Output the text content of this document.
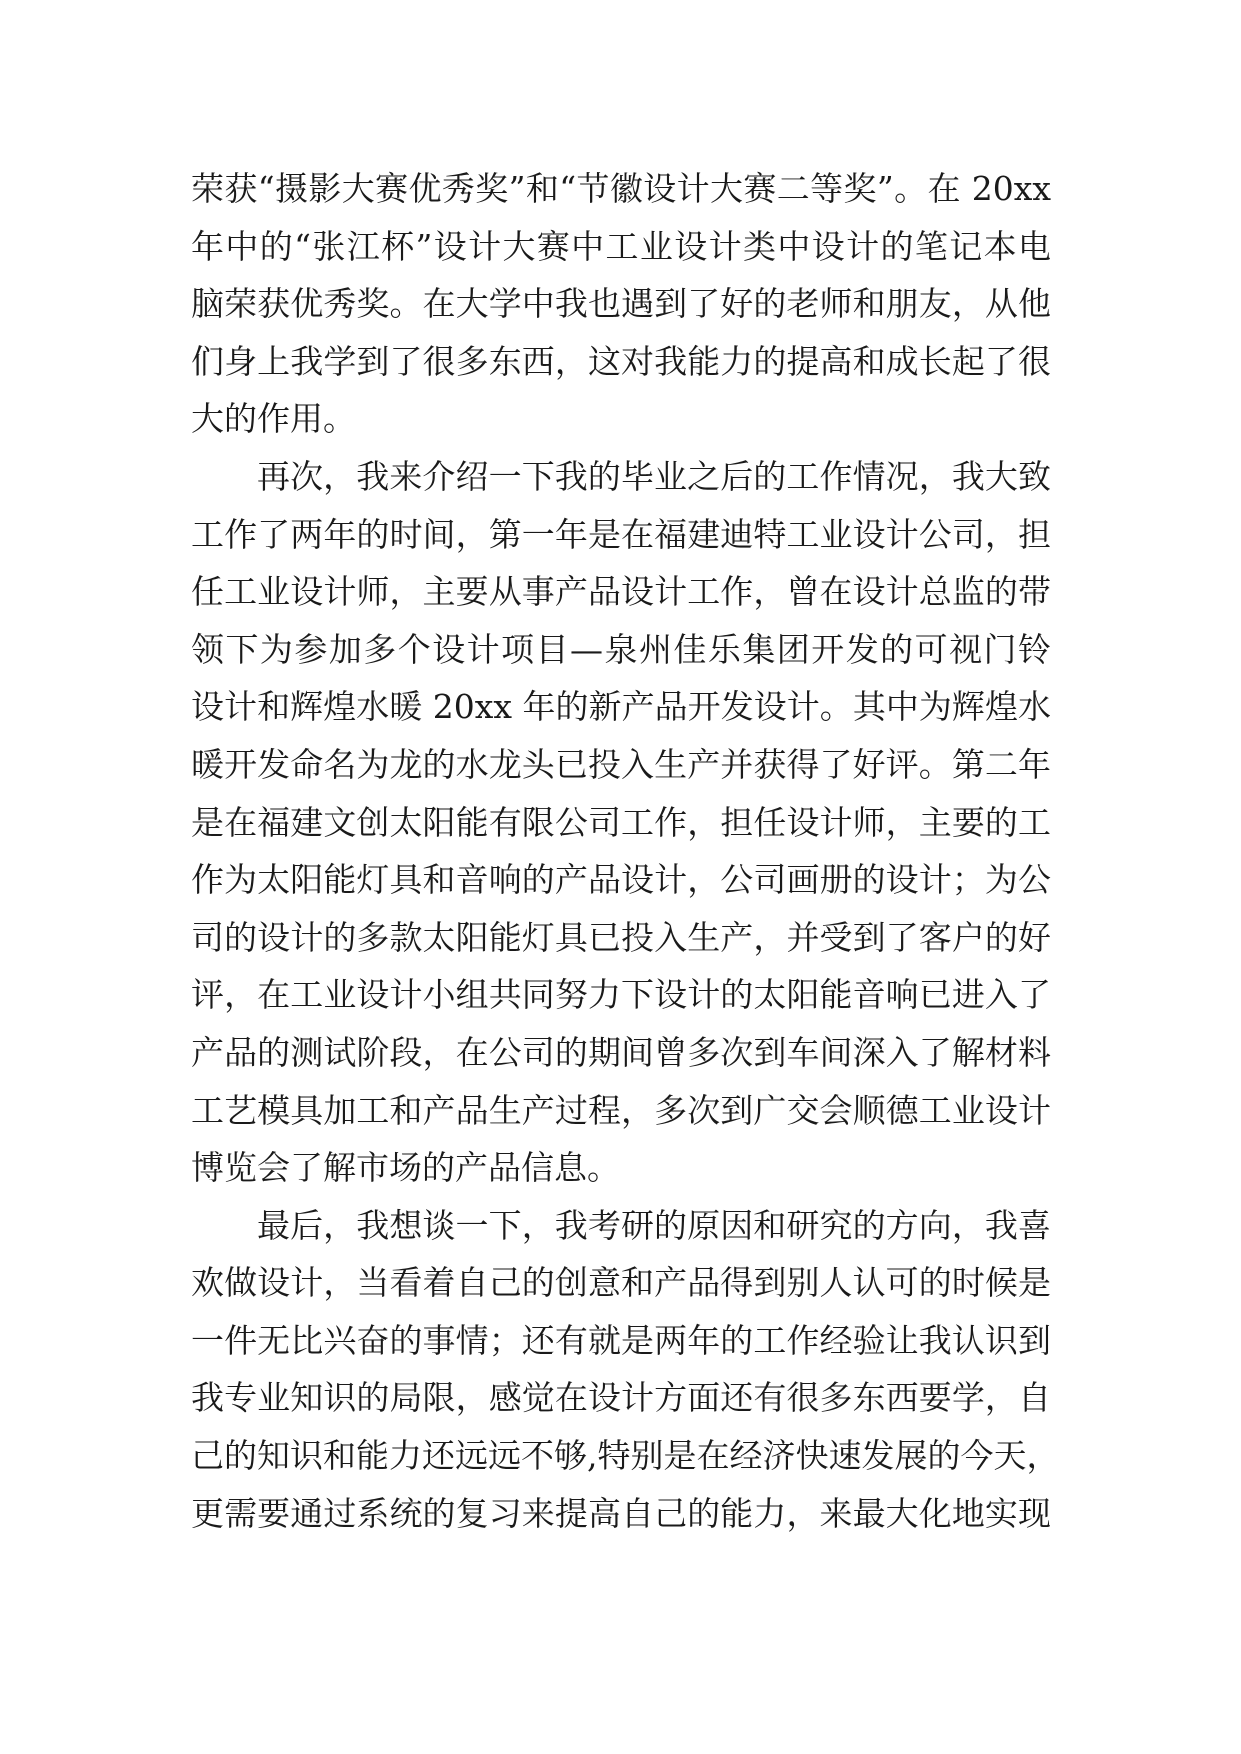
荣获“摄影大赛优秀奖”和“节徽设计大赛二等奖”。在 20xx
年中的“张江杯”设计大赛中工业设计类中设计的笔记本电
脑荣获优秀奖。在大学中我也遇到了好的老师和朋友，从他
们身上我学到了很多东西，这对我能力的提高和成长起了很
大的作用。
再次，我来介绍一下我的毕业之后的工作情况，我大致
工作了两年的时间，第一年是在福建迪特工业设计公司，担
任工业设计师，主要从事产品设计工作，曾在设计总监的带
领下为参加多个设计项目—泉州佳乐集团开发的可视门铃
设计和辉煌水暖 20xx 年的新产品开发设计。其中为辉煌水
暖开发命名为龙的水龙头已投入生产并获得了好评。第二年
是在福建文创太阳能有限公司工作，担任设计师，主要的工
作为太阳能灯具和音响的产品设计，公司画册的设计；为公
司的设计的多款太阳能灯具已投入生产，并受到了客户的好
评，在工业设计小组共同努力下设计的太阳能音响已进入了
产品的测试阶段，在公司的期间曾多次到车间深入了解材料
工艺模具加工和产品生产过程，多次到广交会顺德工业设计
博览会了解市场的产品信息。
最后，我想谈一下，我考研的原因和研究的方向，我喜
欢做设计，当看着自己的创意和产品得到别人认可的时候是
一件无比兴奋的事情；还有就是两年的工作经验让我认识到
我专业知识的局限，感觉在设计方面还有很多东西要学，自
己的知识和能力还远远不够,特别是在经济快速发展的今天，
更需要通过系统的复习来提高自己的能力，来最大化地实现
